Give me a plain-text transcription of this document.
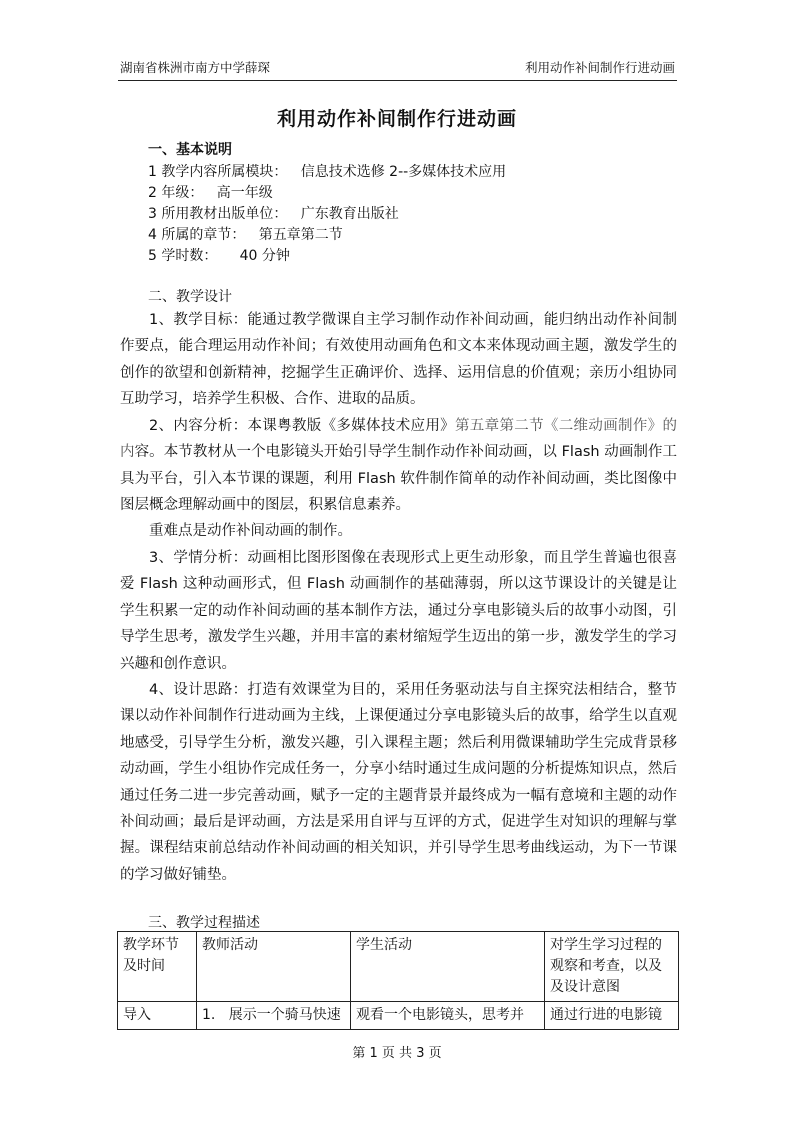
湖南省株洲市南方中学薛琛	利用动作补间制作行进动画
利用动作补间制作行进动画
一、基本说明
1 教学内容所属模块：   信息技术选修 2--多媒体技术应用
2 年级：   高一年级
3 所用教材出版单位：   广东教育出版社
4 所属的章节：   第五章第二节
5 学时数：     40 分钟
二、教学设计

1、教学目标：能通过教学微课自主学习制作动作补间动画，能归纳出动作补间制作要点，能合理运用动作补间；有效使用动画角色和文本来体现动画主题，激发学生的创作的欲望和创新精神，挖掘学生正确评价、选择、运用信息的价值观；亲历小组协同互助学习，培养学生积极、合作、进取的品质。

2、内容分析：本课粤教版《多媒体技术应用》第五章第二节《二维动画制作》的内容。本节教材从一个电影镜头开始引导学生制作动作补间动画，以 Flash 动画制作工具为平台，引入本节课的课题，利用 Flash 软件制作简单的动作补间动画，类比图像中图层概念理解动画中的图层，积累信息素养。

重难点是动作补间动画的制作。

3、学情分析：动画相比图形图像在表现形式上更生动形象，而且学生普遍也很喜爱 Flash 这种动画形式，但 Flash 动画制作的基础薄弱，所以这节课设计的关键是让学生积累一定的动作补间动画的基本制作方法，通过分享电影镜头后的故事小动图，引导学生思考，激发学生兴趣，并用丰富的素材缩短学生迈出的第一步，激发学生的学习兴趣和创作意识。

4、设计思路：打造有效课堂为目的，采用任务驱动法与自主探究法相结合，整节课以动作补间制作行进动画为主线，上课便通过分享电影镜头后的故事，给学生以直观地感受，引导学生分析，激发兴趣，引入课程主题；然后利用微课辅助学生完成背景移动动画，学生小组协作完成任务一，分享小结时通过生成问题的分析提炼知识点，然后通过任务二进一步完善动画，赋予一定的主题背景并最终成为一幅有意境和主题的动作补间动画；最后是评动画，方法是采用自评与互评的方式，促进学生对知识的理解与掌握。课程结束前总结动作补间动画的相关知识，并引导学生思考曲线运动，为下一节课的学习做好铺垫。

三、教学过程描述
教学环节及时间	教师活动	学生活动	对学生学习过程的观察和考查，以及及设计意图
导入	1.   展示一个骑马快速	观看一个电影镜头，思考并	通过行进的电影镜
第 1 页 共 3 页
